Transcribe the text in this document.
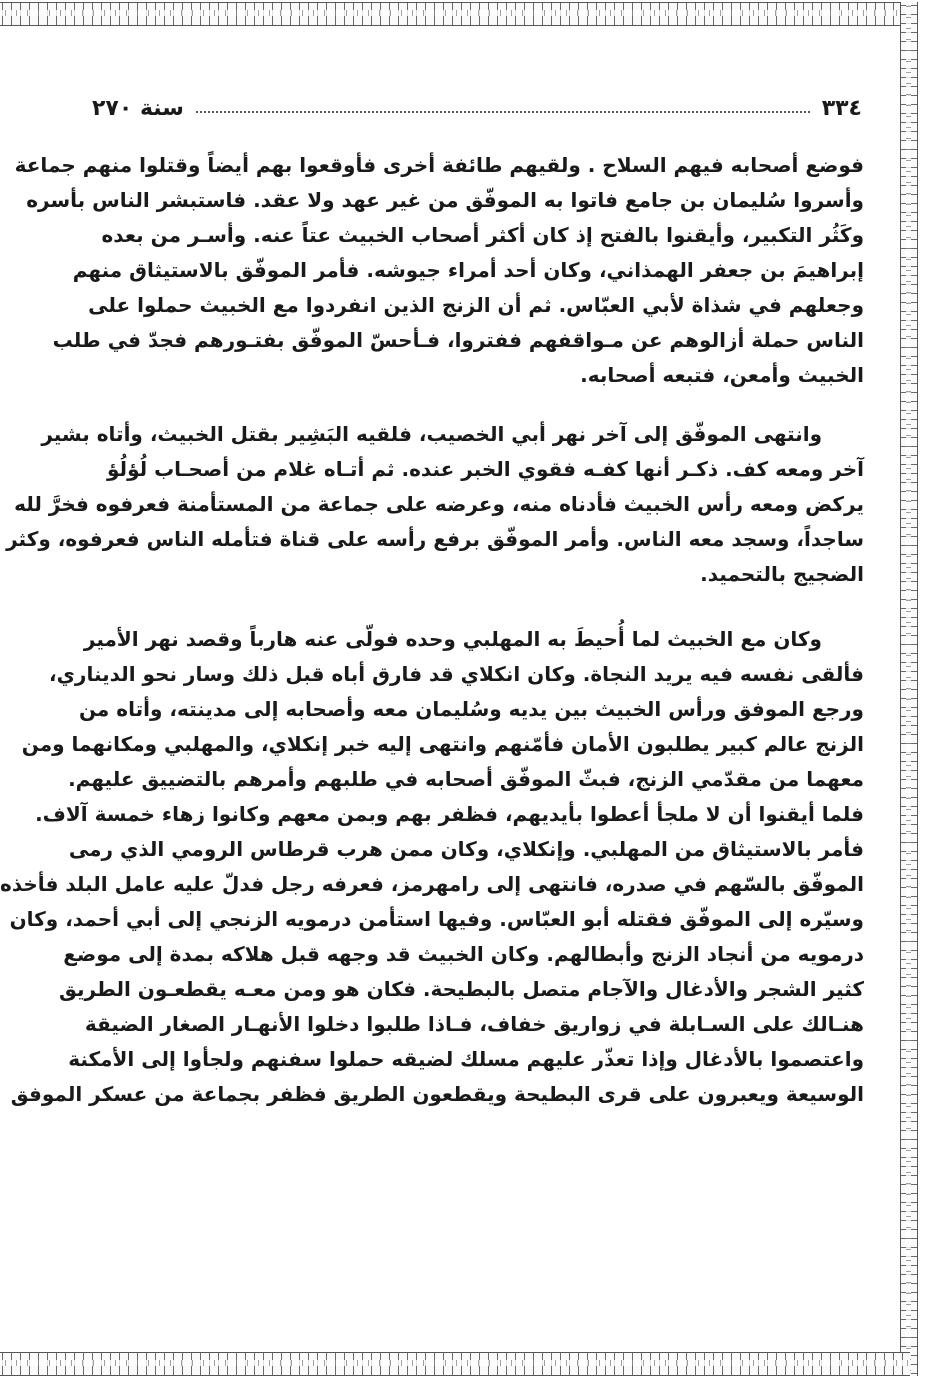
٣٣٤
سنة ٢٧٠
فوضع أصحابه فيهم السلاح . ولقيهم طائفة أخرى فأوقعوا بهم أيضاً وقتلوا منهم جماعة
وأسروا سُليمان بن جامع فاتوا به الموفّق من غير عهد ولا عقد. فاستبشر الناس بأسره
وكَثُر التكبير، وأيقنوا بالفتح إذ كان أكثر أصحاب الخبيث عتاً عنه. وأسـر من بعده
إبراهيمَ بن جعفر الهمذاني، وكان أحد أمراء جيوشه. فأمر الموفّق بالاستيثاق منهم
وجعلهم في شذاة لأبي العبّاس. ثم أن الزنج الذين انفردوا مع الخبيث حملوا على
الناس حملة أزالوهم عن مـواقفهم ففتروا، فـأحسّ الموفّق بفتـورهم فجدّ في طلب
الخبيث وأمعن، فتبعه أصحابه.
وانتهى الموفّق إلى آخر نهر أبي الخصيب، فلقيه البَشِير بقتل الخبيث، وأتاه بشير
آخر ومعه كف. ذكـر أنها كفـه فقوي الخبر عنده. ثم أتـاه غلام من أصحـاب لُؤلُؤ
يركض ومعه رأس الخبيث فأدناه منه، وعرضه على جماعة من المستأمنة فعرفوه فخرَّ لله
ساجداً، وسجد معه الناس. وأمر الموفّق برفع رأسه على قناة فتأمله الناس فعرفوه، وكثر
الضجيج بالتحميد.
وكان مع الخبيث لما أُحيطَ به المهلبي وحده فولّى عنه هارباً وقصد نهر الأمير
فألقى نفسه فيه يريد النجاة. وكان انكلاي قد فارق أباه قبل ذلك وسار نحو الديناري،
ورجع الموفق ورأس الخبيث بين يديه وسُليمان معه وأصحابه إلى مدينته، وأتاه من
الزنج عالم كبير يطلبون الأمان فأمّنهم وانتهى إليه خبر إنكلاي، والمهلبي ومكانهما ومن
معهما من مقدّمي الزنج، فبثّ الموفّق أصحابه في طلبهم وأمرهم بالتضييق عليهم.
فلما أيقنوا أن لا ملجأ أعطوا بأيديهم، فظفر بهم وبمن معهم وكانوا زهاء خمسة آلاف.
فأمر بالاستيثاق من المهلبي. وإنكلاي، وكان ممن هرب قرطاس الرومي الذي رمى
الموفّق بالسّهم في صدره، فانتهى إلى رامهرمز، فعرفه رجل فدلّ عليه عامل البلد فأخذه
وسيّره إلى الموفّق فقتله أبو العبّاس. وفيها استأمن درمويه الزنجي إلى أبي أحمد، وكان
درمويه من أنجاد الزنج وأبطالهم. وكان الخبيث قد وجهه قبل هلاكه بمدة إلى موضع
كثير الشجر والأدغال والآجام متصل بالبطيحة. فكان هو ومن معـه يقطعـون الطريق
هنـالك على السـابلة في زواريق خفاف، فـاذا طلبوا دخلوا الأنهـار الصغار الضيقة
واعتصموا بالأدغال وإذا تعذّر عليهم مسلك لضيقه حملوا سفنهم ولجأوا إلى الأمكنة
الوسيعة ويعبرون على قرى البطيحة ويقطعون الطريق فظفر بجماعة من عسكر الموفق
